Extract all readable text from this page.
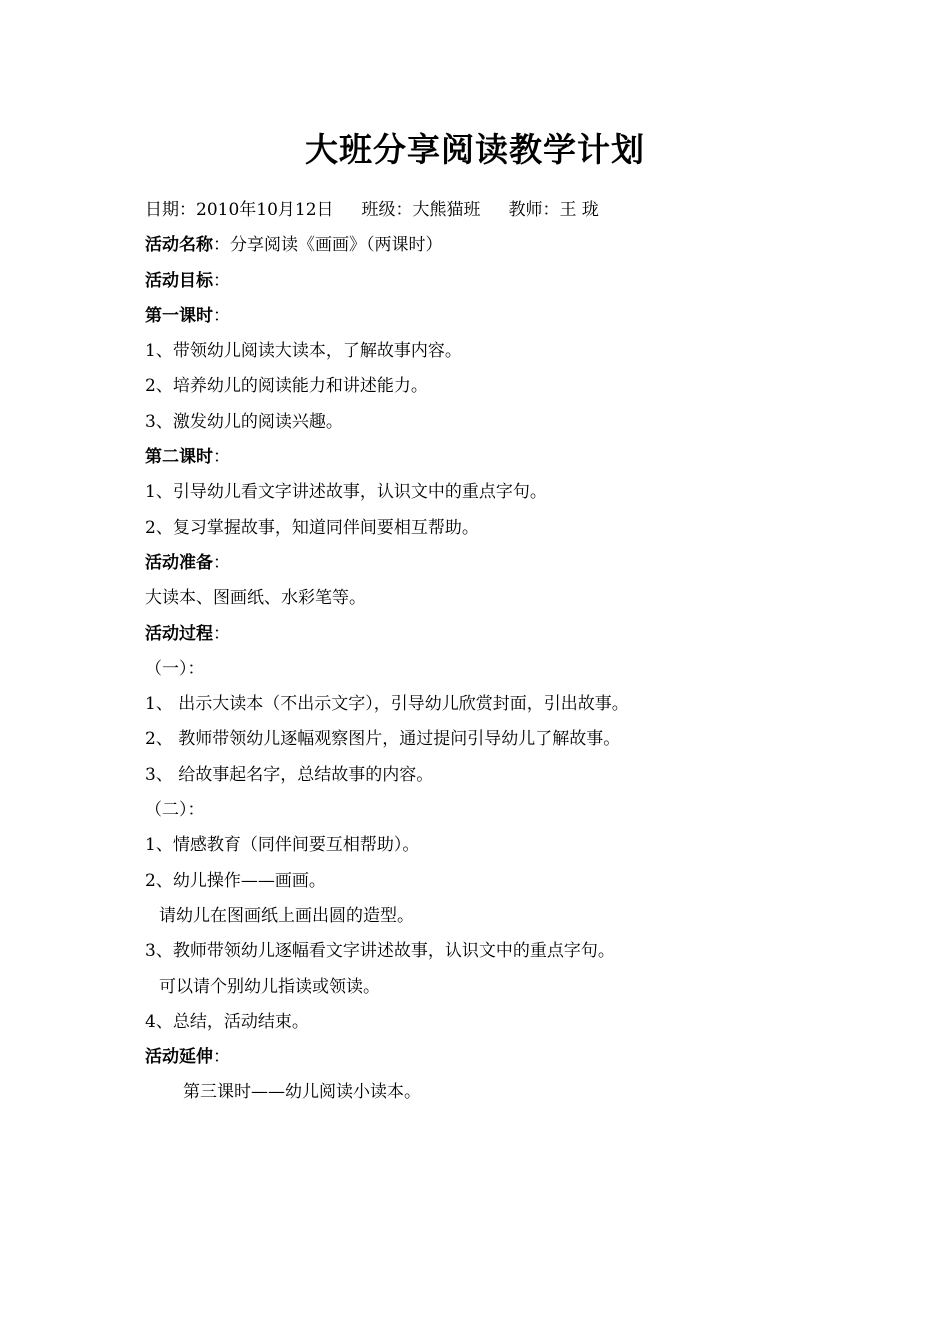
大班分享阅读教学计划
日期：2010年10月12日 班级：大熊猫班 教师：王 珑
活动名称：分享阅读《画画》（两课时）
活动目标：
第一课时：
1、带领幼儿阅读大读本，了解故事内容。
2、培养幼儿的阅读能力和讲述能力。
3、激发幼儿的阅读兴趣。
第二课时：
1、引导幼儿看文字讲述故事，认识文中的重点字句。
2、复习掌握故事，知道同伴间要相互帮助。
活动准备：
大读本、图画纸、水彩笔等。
活动过程：
（一）：
1、 出示大读本（不出示文字），引导幼儿欣赏封面，引出故事。
2、 教师带领幼儿逐幅观察图片，通过提问引导幼儿了解故事。
3、 给故事起名字，总结故事的内容。
（二）：
1、情感教育（同伴间要互相帮助）。
2、幼儿操作——画画。
请幼儿在图画纸上画出圆的造型。
3、教师带领幼儿逐幅看文字讲述故事，认识文中的重点字句。
可以请个别幼儿指读或领读。
4、总结，活动结束。
活动延伸：
第三课时——幼儿阅读小读本。
